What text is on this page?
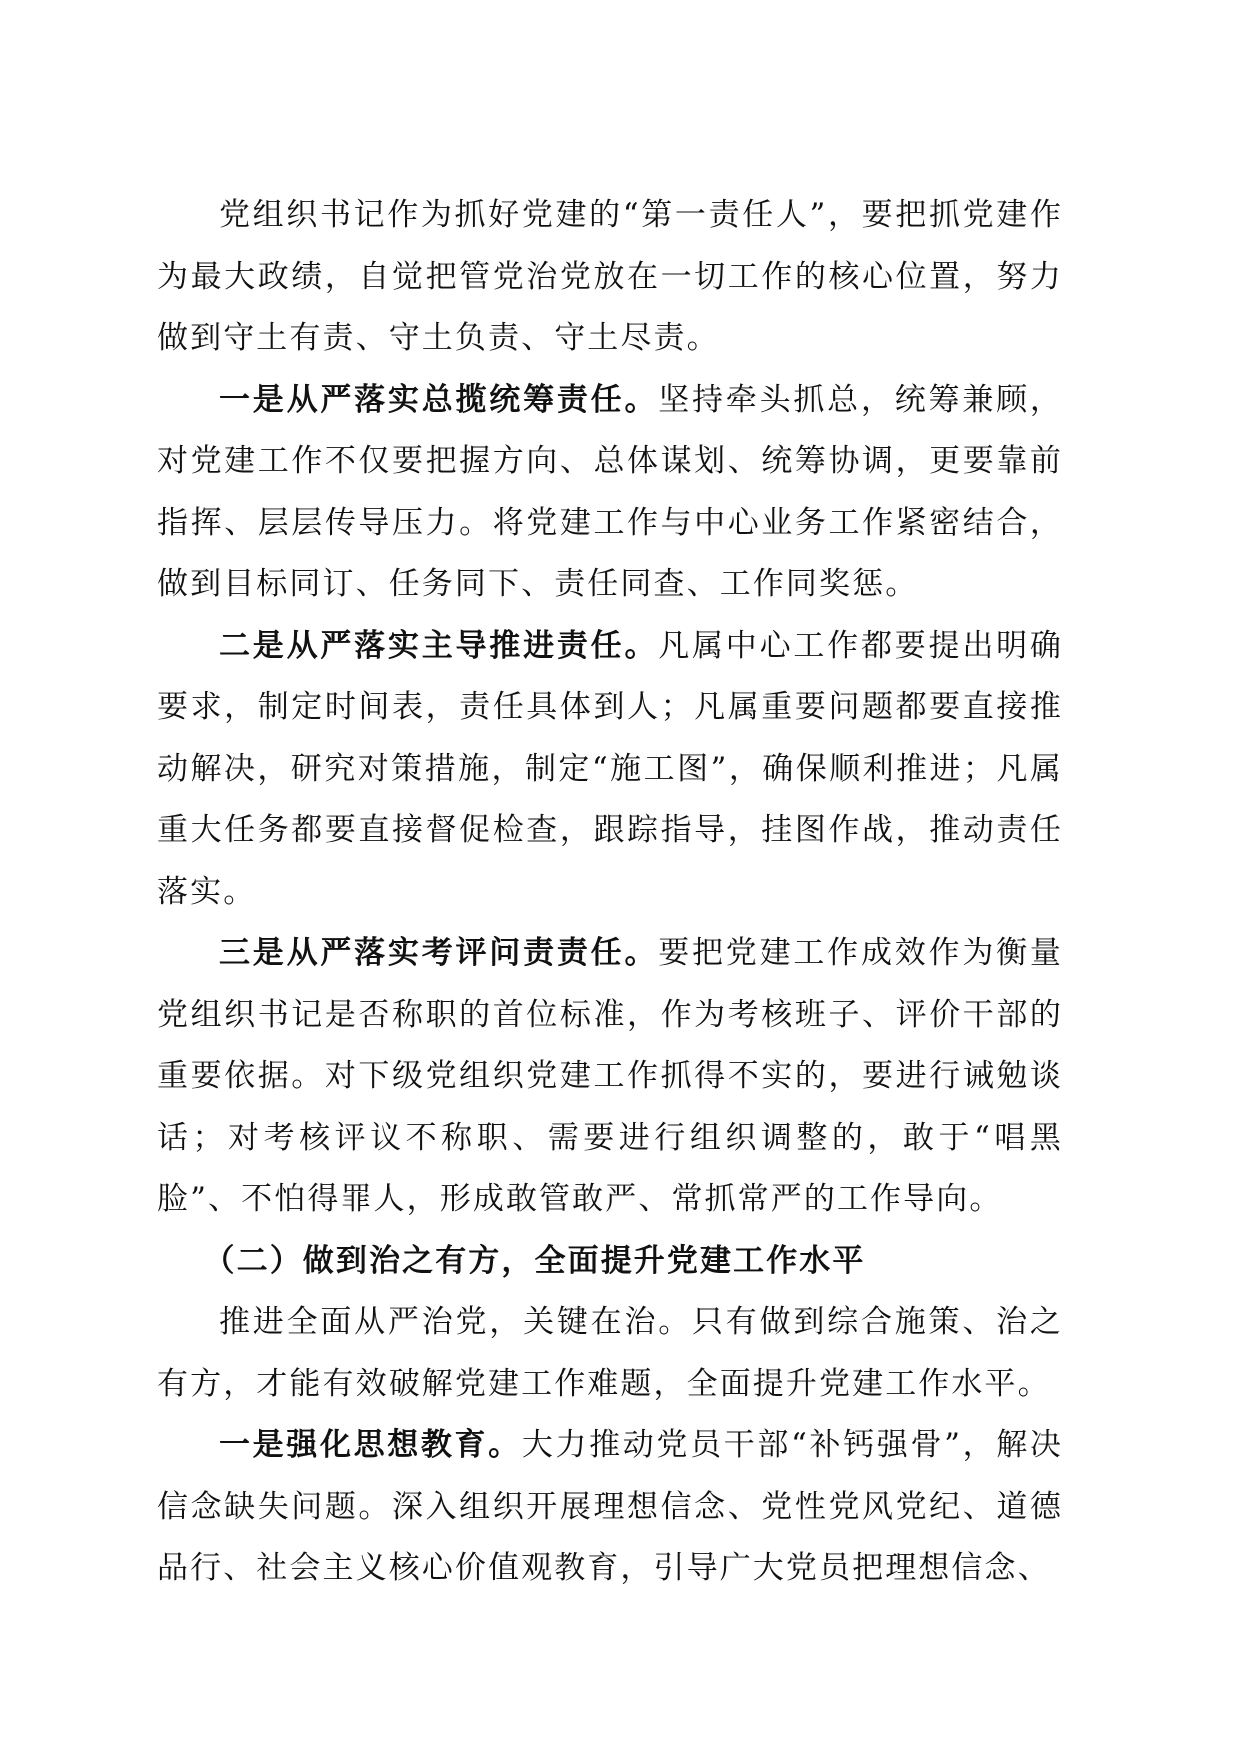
党组织书记作为抓好党建的“第一责任人”，要把抓党建作为最大政绩，自觉把管党治党放在一切工作的核心位置，努力做到守土有责、守土负责、守土尽责。

一是从严落实总揽统筹责任。坚持牵头抓总，统筹兼顾，对党建工作不仅要把握方向、总体谋划、统筹协调，更要靠前指挥、层层传导压力。将党建工作与中心业务工作紧密结合，做到目标同订、任务同下、责任同查、工作同奖惩。

二是从严落实主导推进责任。凡属中心工作都要提出明确要求，制定时间表，责任具体到人；凡属重要问题都要直接推动解决，研究对策措施，制定“施工图”，确保顺利推进；凡属重大任务都要直接督促检查，跟踪指导，挂图作战，推动责任落实。

三是从严落实考评问责责任。要把党建工作成效作为衡量党组织书记是否称职的首位标准，作为考核班子、评价干部的重要依据。对下级党组织党建工作抓得不实的，要进行诫勉谈话；对考核评议不称职、需要进行组织调整的，敢于“唱黑脸”、不怕得罪人，形成敢管敢严、常抓常严的工作导向。

（二）做到治之有方，全面提升党建工作水平

推进全面从严治党，关键在治。只有做到综合施策、治之有方，才能有效破解党建工作难题，全面提升党建工作水平。

一是强化思想教育。大力推动党员干部“补钙强骨”，解决信念缺失问题。深入组织开展理想信念、党性党风党纪、道德品行、社会主义核心价值观教育，引导广大党员把理想信念、
